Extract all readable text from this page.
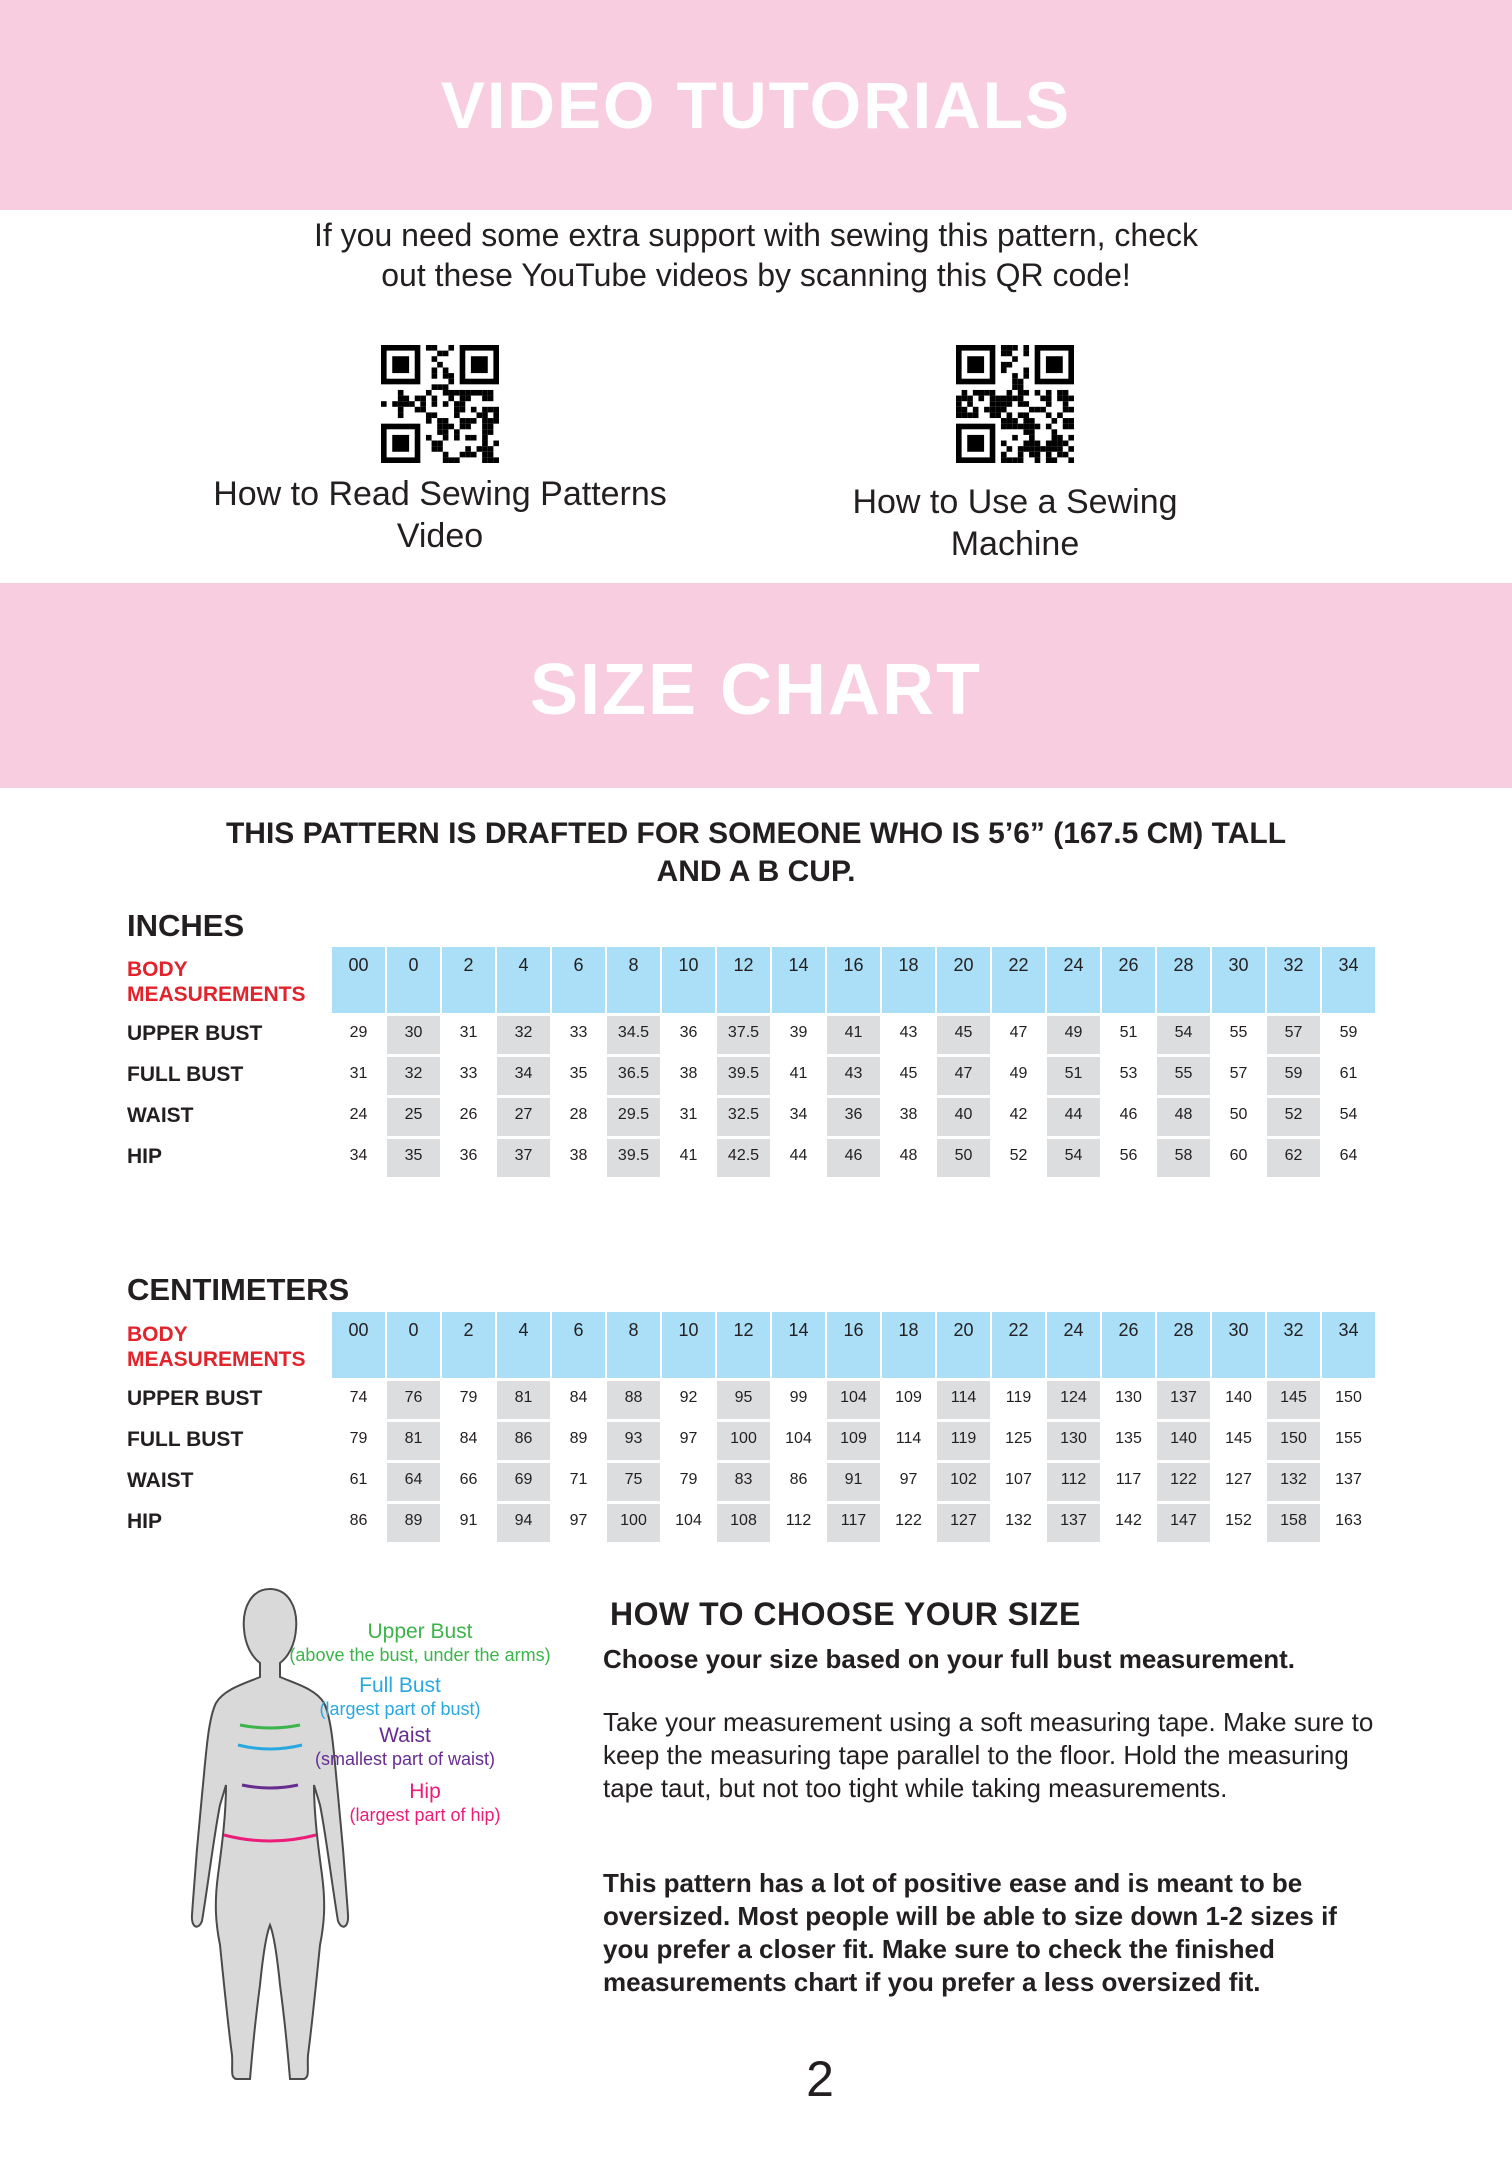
VIDEO TUTORIALS
If you need some extra support with sewing this pattern, check
out these YouTube videos by scanning this QR code!
How to Read Sewing Patterns
Video
How to Use a Sewing
Machine
SIZE CHART
THIS PATTERN IS DRAFTED FOR SOMEONE WHO IS 5’6” (167.5 CM) TALL
AND A B CUP.
INCHES
BODY
MEASUREMENTS
00	0	2	4	6	8	10	12	14	16	18	20	22	24	26	28	30	32	34
UPPER BUST	29	30	31	32	33	34.5	36	37.5	39	41	43	45	47	49	51	54	55	57	59
FULL BUST	31	32	33	34	35	36.5	38	39.5	41	43	45	47	49	51	53	55	57	59	61
WAIST	24	25	26	27	28	29.5	31	32.5	34	36	38	40	42	44	46	48	50	52	54
HIP	34	35	36	37	38	39.5	41	42.5	44	46	48	50	52	54	56	58	60	62	64
CENTIMETERS
BODY
MEASUREMENTS
00	0	2	4	6	8	10	12	14	16	18	20	22	24	26	28	30	32	34
UPPER BUST	74	76	79	81	84	88	92	95	99	104	109	114	119	124	130	137	140	145	150
FULL BUST	79	81	84	86	89	93	97	100	104	109	114	119	125	130	135	140	145	150	155
WAIST	61	64	66	69	71	75	79	83	86	91	97	102	107	112	117	122	127	132	137
HIP	86	89	91	94	97	100	104	108	112	117	122	127	132	137	142	147	152	158	163
Upper Bust
(above the bust, under the arms)
Full Bust
(largest part of bust)
Waist
(smallest part of waist)
Hip
(largest part of hip)
HOW TO CHOOSE YOUR SIZE
Choose your size based on your full bust measurement.
Take your measurement using a soft measuring tape. Make sure to keep the measuring tape parallel to the floor. Hold the measuring tape taut, but not too tight while taking measurements.
This pattern has a lot of positive ease and is meant to be oversized. Most people will be able to size down 1-2 sizes if you prefer a closer fit. Make sure to check the finished measurements chart if you prefer a less oversized fit.
2
